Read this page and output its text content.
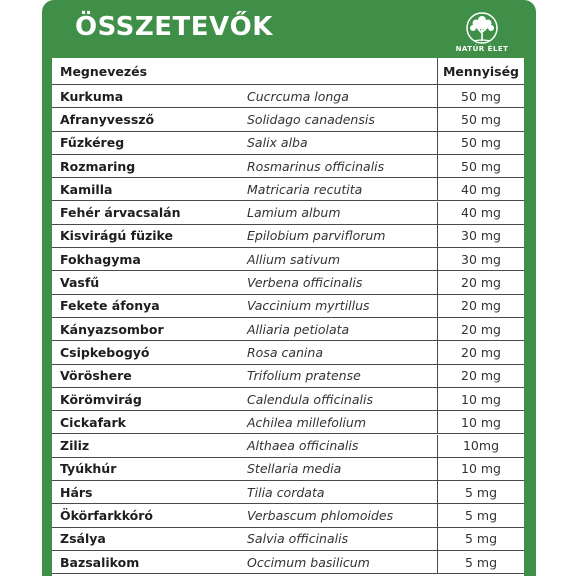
ÖSSZETEVŐK
NATÚR ÉLET
Megnevezés	Mennyiség
Kurkuma	Cucrcuma longa	50 mg
Afranyvessző	Solidago canadensis	50 mg
Fűzkéreg	Salix alba	50 mg
Rozmaring	Rosmarinus officinalis	50 mg
Kamilla	Matricaria recutita	40 mg
Fehér árvacsalán	Lamium album	40 mg
Kisvirágú füzike	Epilobium parviflorum	30 mg
Fokhagyma	Allium sativum	30 mg
Vasfű	Verbena officinalis	20 mg
Fekete áfonya	Vaccinium myrtillus	20 mg
Kányazsombor	Alliaria petiolata	20 mg
Csipkebogyó	Rosa canina	20 mg
Vöröshere	Trifolium pratense	20 mg
Körömvirág	Calendula officinalis	10 mg
Cickafark	Achilea millefolium	10 mg
Ziliz	Althaea officinalis	10mg
Tyúkhúr	Stellaria media	10 mg
Hárs	Tilia cordata	5 mg
Ökörfarkkóró	Verbascum phlomoides	5 mg
Zsálya	Salvia officinalis	5 mg
Bazsalikom	Occimum basilicum	5 mg
